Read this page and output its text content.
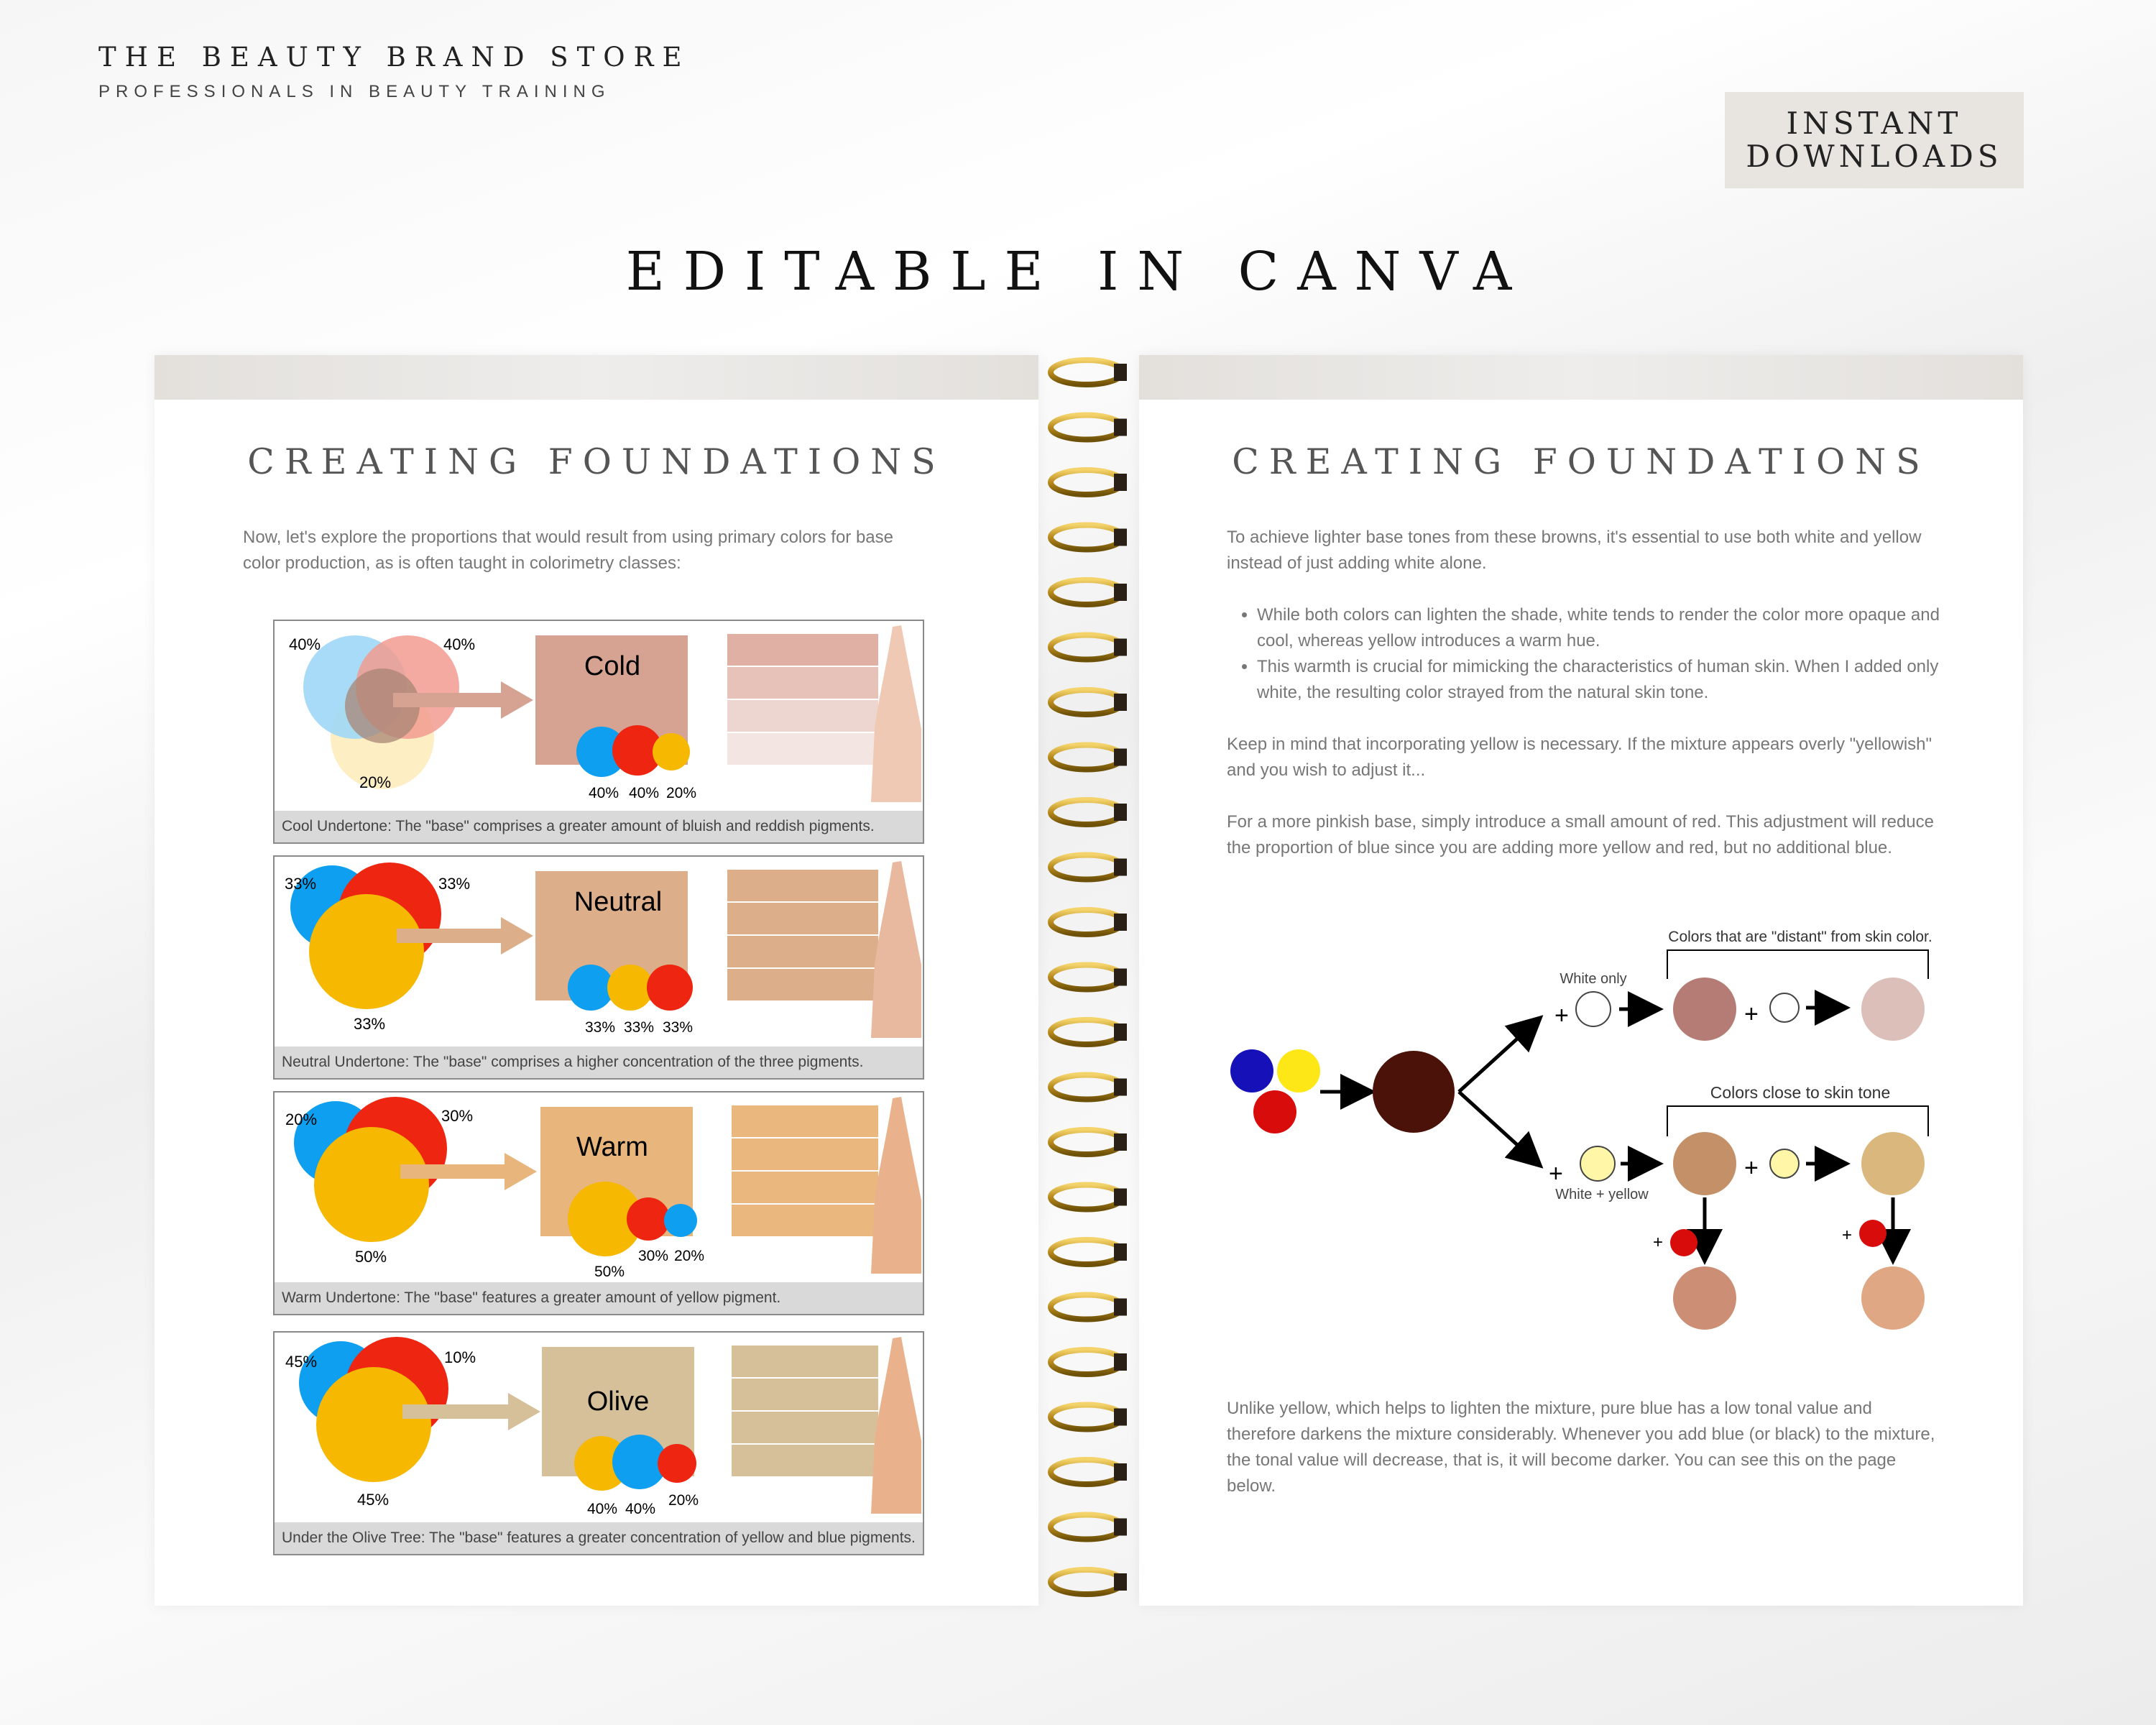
THE BEAUTY BRAND STORE
PROFESSIONALS IN BEAUTY TRAINING
INSTANT
DOWNLOADS
EDITABLE IN CANVA
CREATING FOUNDATIONS
Now, let's explore the proportions that would result from using primary colors for base color production, as is often taught in colorimetry classes:
40%	40%
20%
Cold
40% 40% 20%
Cool Undertone: The "base" comprises a greater amount of bluish and reddish pigments.
33%	33%
33%
Neutral
33% 33% 33%
Neutral Undertone: The "base" comprises a higher concentration of the three pigments.
20%	30%
50%
Warm
50%
30% 20%
Warm Undertone: The "base" features a greater amount of yellow pigment.
45%	10%
45%
Olive
40% 40%
20%
Under the Olive Tree: The "base" features a greater concentration of yellow and blue pigments.
CREATING FOUNDATIONS
To achieve lighter base tones from these browns, it's essential to use both white and yellow instead of just adding white alone.
• While both colors can lighten the shade, white tends to render the color more opaque and cool, whereas yellow introduces a warm hue.
• This warmth is crucial for mimicking the characteristics of human skin. When I added only white, the resulting color strayed from the natural skin tone.
Keep in mind that incorporating yellow is necessary. If the mixture appears overly "yellowish" and you wish to adjust it...
For a more pinkish base, simply introduce a small amount of red. This adjustment will reduce the proportion of blue since you are adding more yellow and red, but no additional blue.
+	+
Colors that are "distant" from skin color.
White only
+	+
Colors close to skin tone
White + yellow
+	+
Unlike yellow, which helps to lighten the mixture, pure blue has a low tonal value and therefore darkens the mixture considerably. Whenever you add blue (or black) to the mixture, the tonal value will decrease, that is, it will become darker. You can see this on the page below.
